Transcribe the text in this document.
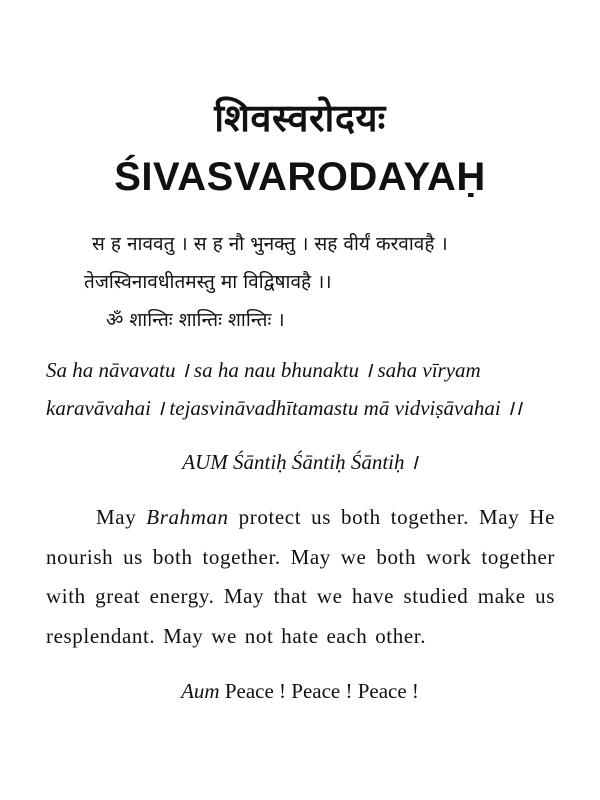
शिवस्वरोदयः
ŚIVASVARODAYAḤ
स ह नाववतु । स ह नौ भुनक्तु । सह वीर्यं करवावहै ।
तेजस्विनावधीतमस्तु मा विद्विषावहै ।।
ॐ शान्तिः शान्तिः शान्तिः ।
Sa ha nāvavatu । sa ha nau bhunaktu । saha vīryam
karavāvahai । tejasvināvadhītamastu mā vidviṣāvahai ।।
AUM Śāntiḥ Śāntiḥ Śāntiḥ ।
May Brahman protect us both together. May He nourish us both together. May we both work together with great energy. May that we have studied make us resplendant. May we not hate each other.
Aum Peace ! Peace ! Peace !
